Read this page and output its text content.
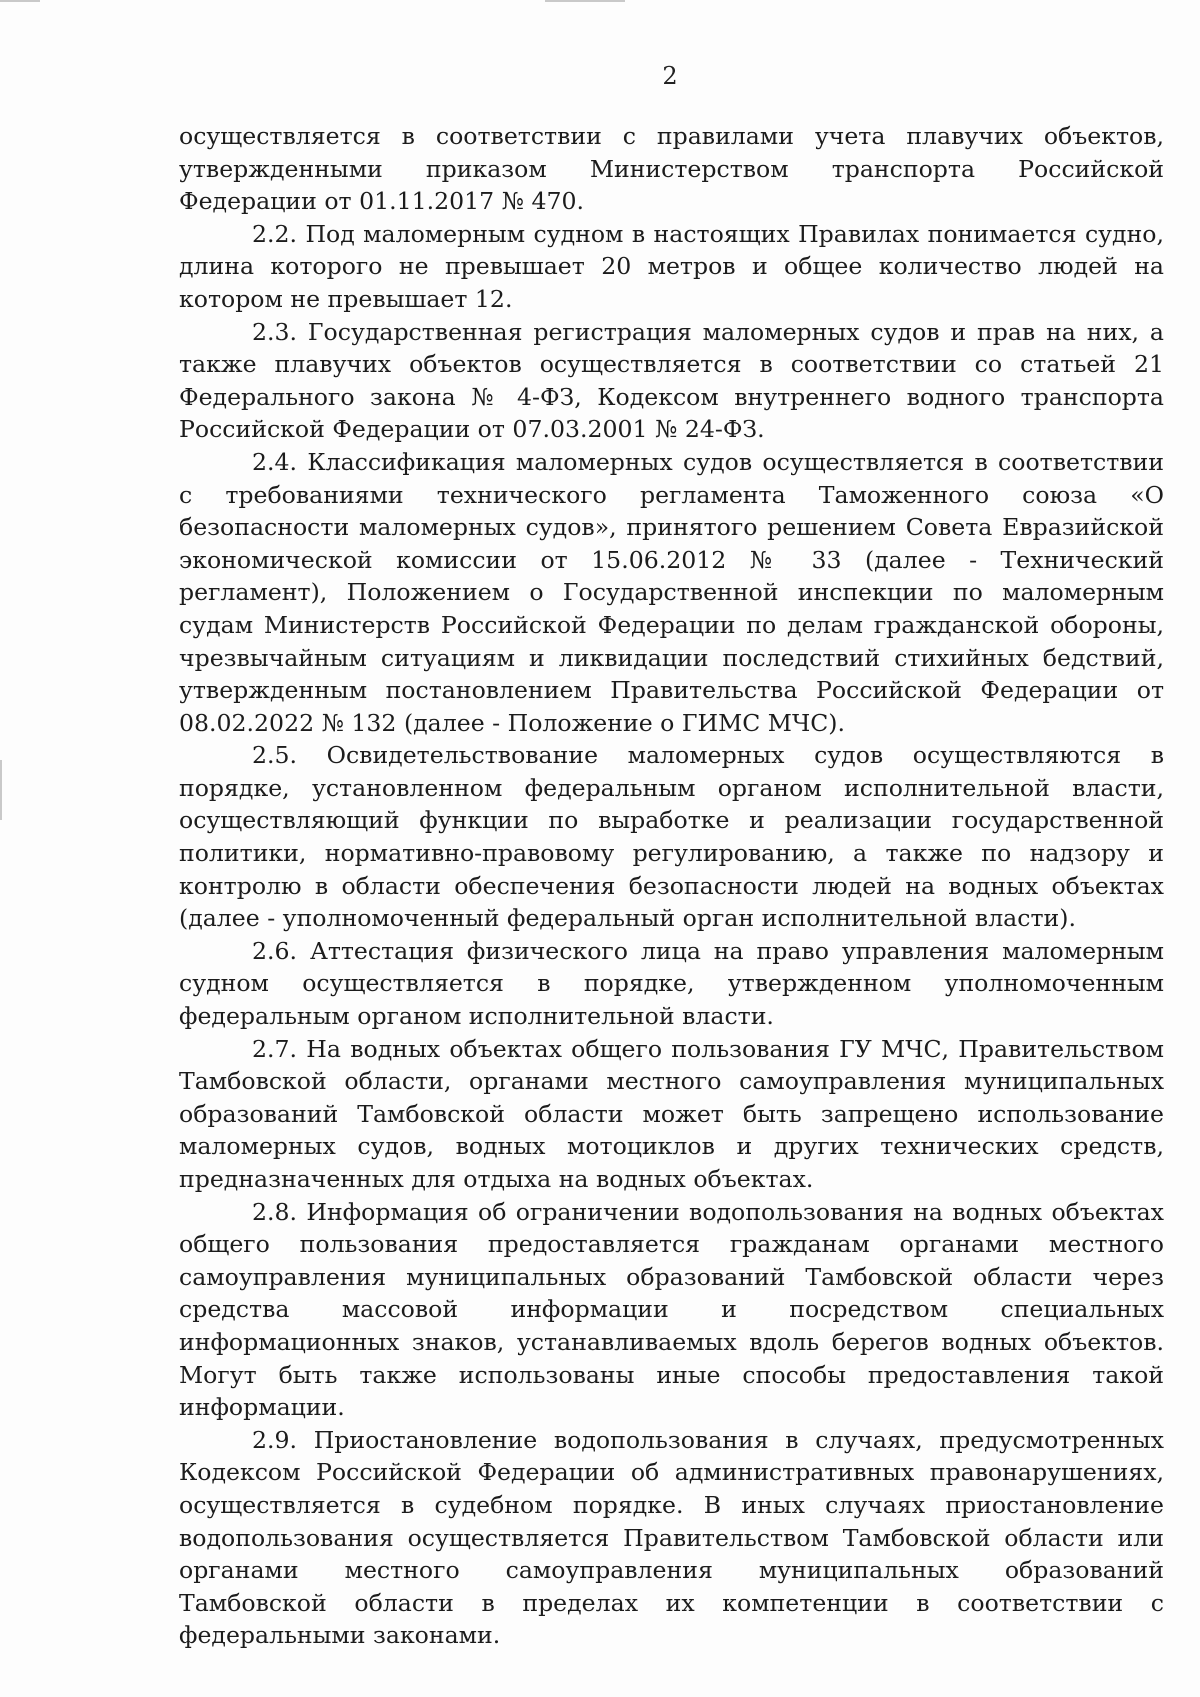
2

осуществляется в соответствии с правилами учета плавучих объектов, утвержденными приказом Министерством транспорта Российской Федерации от 01.11.2017 № 470.

2.2. Под маломерным судном в настоящих Правилах понимается судно, длина которого не превышает 20 метров и общее количество людей на котором не превышает 12.

2.3. Государственная регистрация маломерных судов и прав на них, а также плавучих объектов осуществляется в соответствии со статьей 21 Федерального закона № 4-ФЗ, Кодексом внутреннего водного транспорта Российской Федерации от 07.03.2001 № 24-ФЗ.

2.4. Классификация маломерных судов осуществляется в соответствии с требованиями технического регламента Таможенного союза «О безопасности маломерных судов», принятого решением Совета Евразийской экономической комиссии от 15.06.2012 № 33 (далее - Технический регламент), Положением о Государственной инспекции по маломерным судам Министерств Российской Федерации по делам гражданской обороны, чрезвычайным ситуациям и ликвидации последствий стихийных бедствий, утвержденным постановлением Правительства Российской Федерации от 08.02.2022 № 132 (далее - Положение о ГИМС МЧС).

2.5. Освидетельствование маломерных судов осуществляются в порядке, установленном федеральным органом исполнительной власти, осуществляющий функции по выработке и реализации государственной политики, нормативно-правовому регулированию, а также по надзору и контролю в области обеспечения безопасности людей на водных объектах (далее - уполномоченный федеральный орган исполнительной власти).

2.6. Аттестация физического лица на право управления маломерным судном осуществляется в порядке, утвержденном уполномоченным федеральным органом исполнительной власти.

2.7. На водных объектах общего пользования ГУ МЧС, Правительством Тамбовской области, органами местного самоуправления муниципальных образований Тамбовской области может быть запрещено использование маломерных судов, водных мотоциклов и других технических средств, предназначенных для отдыха на водных объектах.

2.8. Информация об ограничении водопользования на водных объектах общего пользования предоставляется гражданам органами местного самоуправления муниципальных образований Тамбовской области через средства массовой информации и посредством специальных информационных знаков, устанавливаемых вдоль берегов водных объектов. Могут быть также использованы иные способы предоставления такой информации.

2.9. Приостановление водопользования в случаях, предусмотренных Кодексом Российской Федерации об административных правонарушениях, осуществляется в судебном порядке. В иных случаях приостановление водопользования осуществляется Правительством Тамбовской области или органами местного самоуправления муниципальных образований Тамбовской области в пределах их компетенции в соответствии с федеральными законами.
